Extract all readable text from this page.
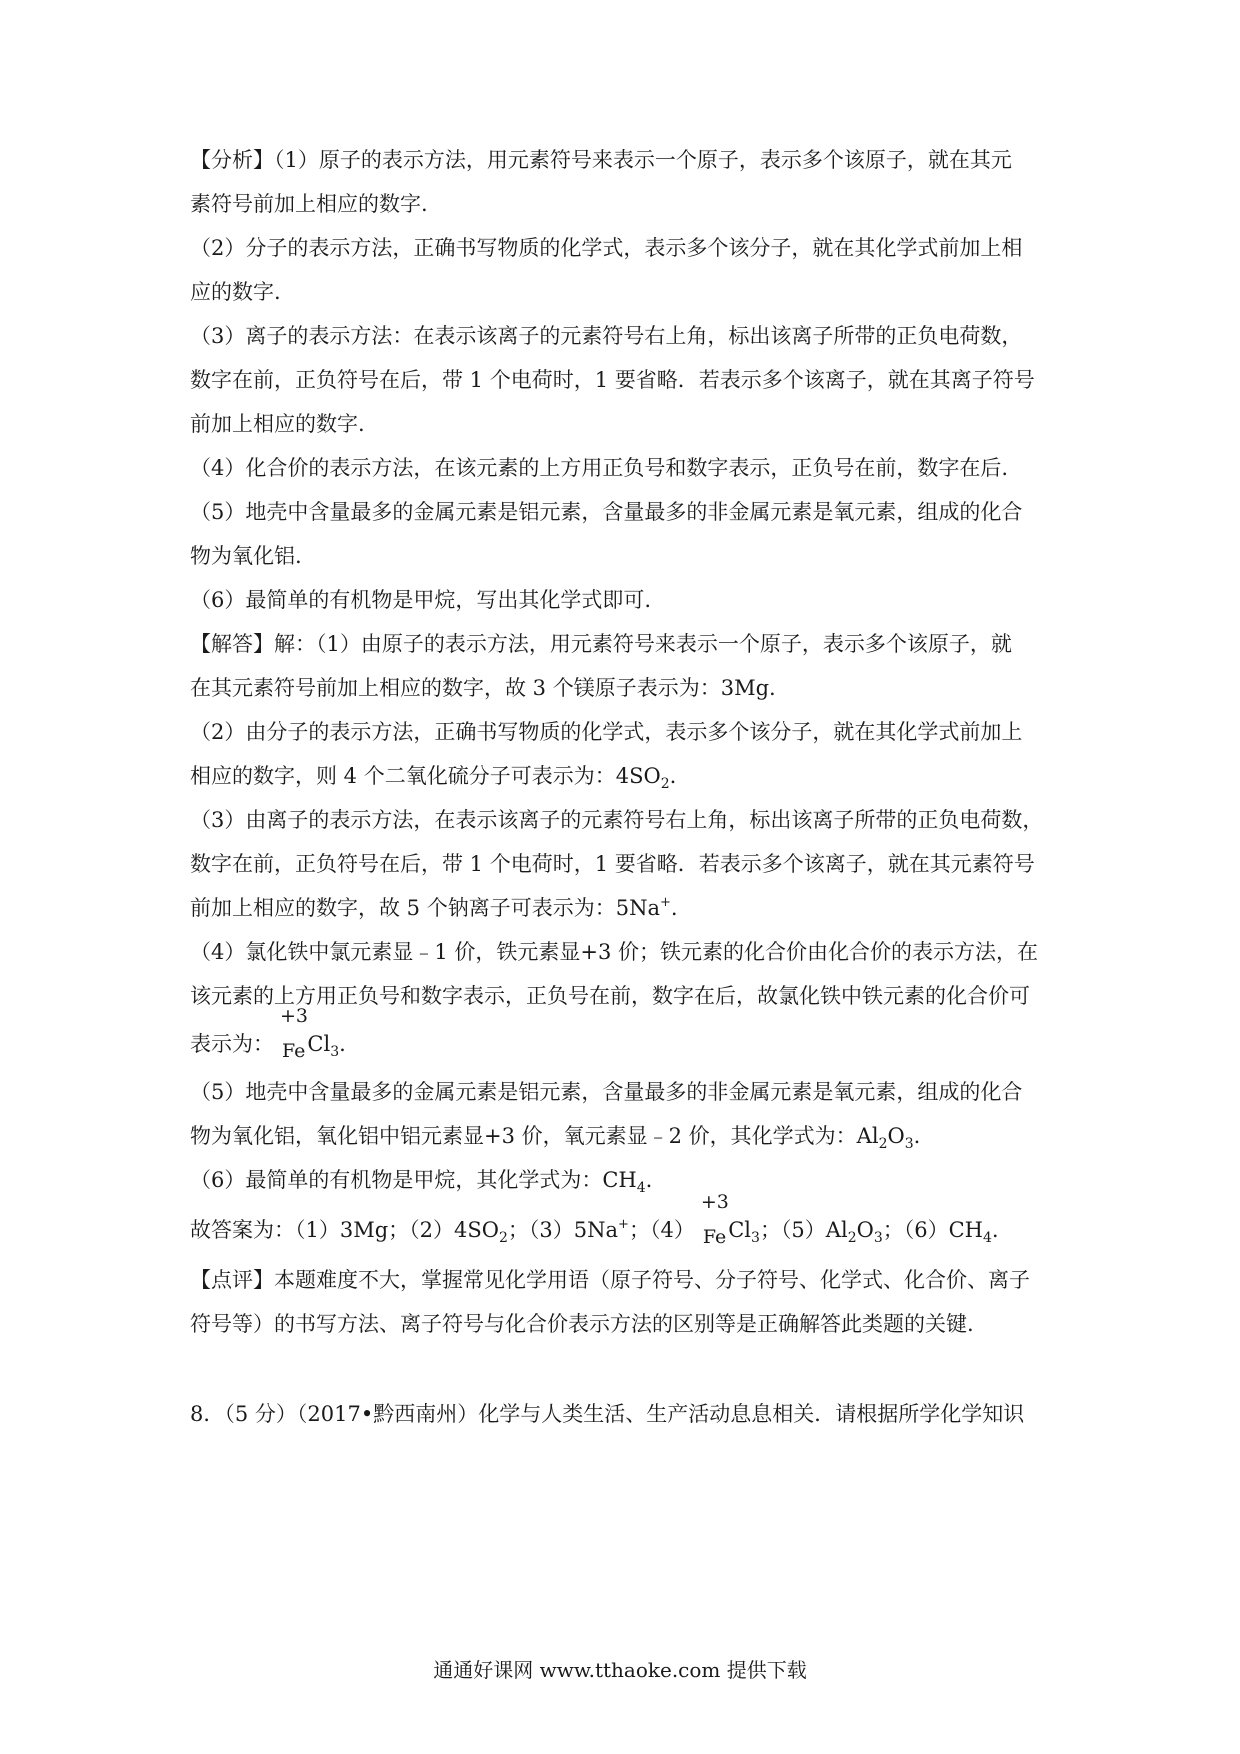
【分析】（1）原子的表示方法，用元素符号来表示一个原子，表示多个该原子，就在其元
素符号前加上相应的数字.
（2）分子的表示方法，正确书写物质的化学式，表示多个该分子，就在其化学式前加上相
应的数字.
（3）离子的表示方法：在表示该离子的元素符号右上角，标出该离子所带的正负电荷数，
数字在前，正负符号在后，带 1 个电荷时，1 要省略．若表示多个该离子，就在其离子符号
前加上相应的数字.
（4）化合价的表示方法，在该元素的上方用正负号和数字表示，正负号在前，数字在后.
（5）地壳中含量最多的金属元素是铝元素，含量最多的非金属元素是氧元素，组成的化合
物为氧化铝.
（6）最简单的有机物是甲烷，写出其化学式即可.
【解答】解：（1）由原子的表示方法，用元素符号来表示一个原子，表示多个该原子，就
在其元素符号前加上相应的数字，故 3 个镁原子表示为：3Mg.
（2）由分子的表示方法，正确书写物质的化学式，表示多个该分子，就在其化学式前加上
相应的数字，则 4 个二氧化硫分子可表示为：$4SO_2$.
（3）由离子的表示方法，在表示该离子的元素符号右上角，标出该离子所带的正负电荷数，
数字在前，正负符号在后，带 1 个电荷时，1 要省略．若表示多个该离子，就在其元素符号
前加上相应的数字，故 5 个钠离子可表示为：5Na+.
（4）氯化铁中氯元素显﹣1 价，铁元素显+3 价；铁元素的化合价由化合价的表示方法，在
该元素的上方用正负号和数字表示，正负号在前，数字在后，故氯化铁中铁元素的化合价可
表示为：
+3
FeCl$_3$.
（5）地壳中含量最多的金属元素是铝元素，含量最多的非金属元素是氧元素，组成的化合
物为氧化铝，氧化铝中铝元素显+3 价，氧元素显﹣2 价，其化学式为：$Al_2O_3$.
（6）最简单的有机物是甲烷，其化学式为：$CH_4$.
故答案为：（1）3Mg；$(2)4SO_2$；（3）5Na+；（4）
+3
FeCl$_3$；$(5)Al_2O_3$；$(6)CH_4$.
【点评】本题难度不大，掌握常见化学用语（原子符号、分子符号、化学式、化合价、离子
符号等）的书写方法、离子符号与化合价表示方法的区别等是正确解答此类题的关键.
8．（5 分）（2017•黔西南州）化学与人类生活、生产活动息息相关．请根据所学化学知识
通通好课网 www.tthaoke.com 提供下载
